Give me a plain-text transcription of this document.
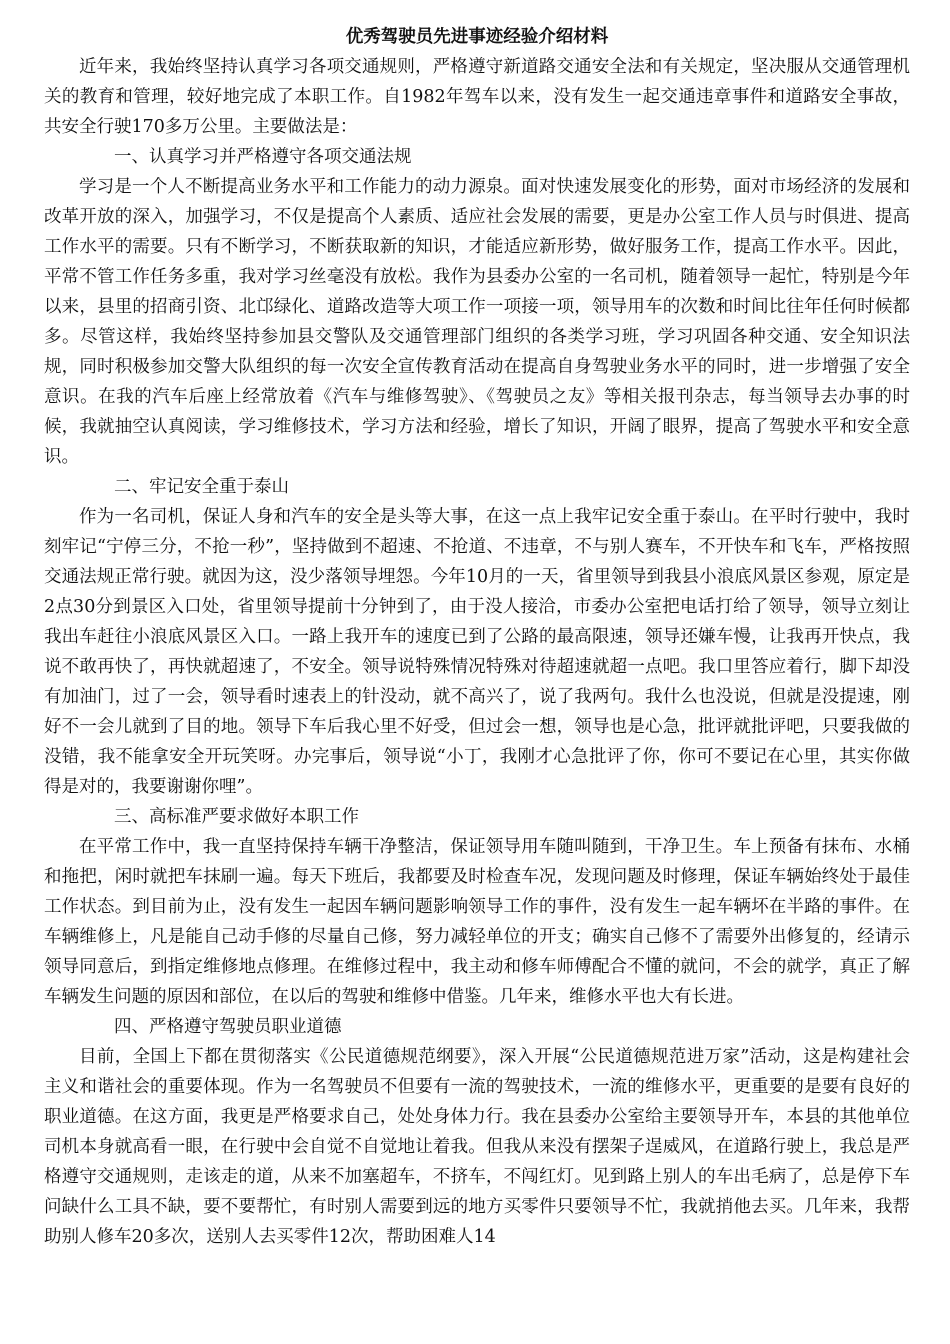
优秀驾驶员先进事迹经验介绍材料

近年来，我始终坚持认真学习各项交通规则，严格遵守新道路交通安全法和有关规定，坚决服从交通管理机关的教育和管理，较好地完成了本职工作。自1982年驾车以来，没有发生一起交通违章事件和道路安全事故，共安全行驶170多万公里。主要做法是：

一、认真学习并严格遵守各项交通法规

学习是一个人不断提高业务水平和工作能力的动力源泉。面对快速发展变化的形势，面对市场经济的发展和改革开放的深入，加强学习，不仅是提高个人素质、适应社会发展的需要，更是办公室工作人员与时俱进、提高工作水平的需要。只有不断学习，不断获取新的知识，才能适应新形势，做好服务工作，提高工作水平。因此，平常不管工作任务多重，我对学习丝毫没有放松。我作为县委办公室的一名司机，随着领导一起忙，特别是今年以来，县里的招商引资、北邙绿化、道路改造等大项工作一项接一项，领导用车的次数和时间比往年任何时候都多。尽管这样，我始终坚持参加县交警队及交通管理部门组织的各类学习班，学习巩固各种交通、安全知识法规，同时积极参加交警大队组织的每一次安全宣传教育活动在提高自身驾驶业务水平的同时，进一步增强了安全意识。在我的汽车后座上经常放着《汽车与维修驾驶》、《驾驶员之友》等相关报刊杂志，每当领导去办事的时候，我就抽空认真阅读，学习维修技术，学习方法和经验，增长了知识，开阔了眼界，提高了驾驶水平和安全意识。

二、牢记安全重于泰山

作为一名司机，保证人身和汽车的安全是头等大事，在这一点上我牢记安全重于泰山。在平时行驶中，我时刻牢记“宁停三分，不抢一秒”，坚持做到不超速、不抢道、不违章，不与别人赛车，不开快车和飞车，严格按照交通法规正常行驶。就因为这，没少落领导埋怨。今年10月的一天，省里领导到我县小浪底风景区参观，原定是2点30分到景区入口处，省里领导提前十分钟到了，由于没人接洽，市委办公室把电话打给了领导，领导立刻让我出车赶往小浪底风景区入口。一路上我开车的速度已到了公路的最高限速，领导还嫌车慢，让我再开快点，我说不敢再快了，再快就超速了，不安全。领导说特殊情况特殊对待超速就超一点吧。我口里答应着行，脚下却没有加油门，过了一会，领导看时速表上的针没动，就不高兴了，说了我两句。我什么也没说，但就是没提速，刚好不一会儿就到了目的地。领导下车后我心里不好受，但过会一想，领导也是心急，批评就批评吧，只要我做的没错，我不能拿安全开玩笑呀。办完事后，领导说“小丁，我刚才心急批评了你，你可不要记在心里，其实你做得是对的，我要谢谢你哩”。

三、高标准严要求做好本职工作

在平常工作中，我一直坚持保持车辆干净整洁，保证领导用车随叫随到，干净卫生。车上预备有抹布、水桶和拖把，闲时就把车抹刷一遍。每天下班后，我都要及时检查车况，发现问题及时修理，保证车辆始终处于最佳工作状态。到目前为止，没有发生一起因车辆问题影响领导工作的事件，没有发生一起车辆坏在半路的事件。在车辆维修上，凡是能自己动手修的尽量自己修，努力减轻单位的开支；确实自己修不了需要外出修复的，经请示领导同意后，到指定维修地点修理。在维修过程中，我主动和修车师傅配合不懂的就问，不会的就学，真正了解车辆发生问题的原因和部位，在以后的驾驶和维修中借鉴。几年来，维修水平也大有长进。

四、严格遵守驾驶员职业道德

目前，全国上下都在贯彻落实《公民道德规范纲要》，深入开展“公民道德规范进万家”活动，这是构建社会主义和谐社会的重要体现。作为一名驾驶员不但要有一流的驾驶技术，一流的维修水平，更重要的是要有良好的职业道德。在这方面，我更是严格要求自己，处处身体力行。我在县委办公室给主要领导开车，本县的其他单位司机本身就高看一眼，在行驶中会自觉不自觉地让着我。但我从来没有摆架子逞威风，在道路行驶上，我总是严格遵守交通规则，走该走的道，从来不加塞超车，不挤车，不闯红灯。见到路上别人的车出毛病了，总是停下车问缺什么工具不缺，要不要帮忙，有时别人需要到远的地方买零件只要领导不忙，我就捎他去买。几年来，我帮助别人修车20多次，送别人去买零件12次，帮助困难人14
